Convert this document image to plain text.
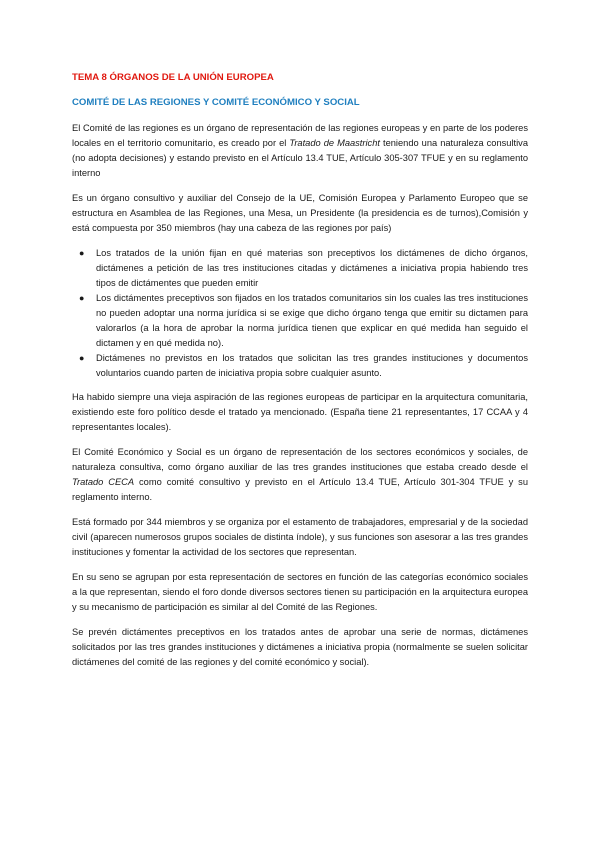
TEMA 8 ÓRGANOS DE LA UNIÓN EUROPEA
COMITÉ DE LAS REGIONES Y COMITÉ ECONÓMICO Y SOCIAL

El Comité de las regiones es un órgano de representación de las regiones europeas y en parte de los poderes locales en el territorio comunitario, es creado por el Tratado de Maastricht teniendo una naturaleza consultiva (no adopta decisiones) y estando previsto en el Artículo 13.4 TUE, Artículo 305-307 TFUE y en su reglamento interno

Es un órgano consultivo y auxiliar del Consejo de la UE, Comisión Europea y Parlamento Europeo que se estructura en Asamblea de las Regiones, una Mesa, un Presidente (la presidencia es de turnos),Comisión y está compuesta por 350 miembros (hay una cabeza de las regiones por país)

● Los tratados de la unión fijan en qué materias son preceptivos los dictámenes de dicho órganos, dictámenes a petición de las tres instituciones citadas y dictámenes a iniciativa propia habiendo tres tipos de dictámentes que pueden emitir
● Los dictámentes preceptivos son fijados en los tratados comunitarios sin los cuales las tres instituciones no pueden adoptar una norma jurídica si se exige que dicho órgano tenga que emitir su dictamen para valorarlos (a la hora de aprobar la norma jurídica tienen que explicar en qué medida han seguido el dictamen y en qué medida no).
● Dictámenes no previstos en los tratados que solicitan las tres grandes instituciones y documentos voluntarios cuando parten de iniciativa propia sobre cualquier asunto.

Ha habido siempre una vieja aspiración de las regiones europeas de participar en la arquitectura comunitaria, existiendo este foro político desde el tratado ya mencionado. (España tiene 21 representantes, 17 CCAA y 4 representantes locales).

El Comité Económico y Social es un órgano de representación de los sectores económicos y sociales, de naturaleza consultiva, como órgano auxiliar de las tres grandes instituciones que estaba creado desde el Tratado CECA como comité consultivo y previsto en el Artículo 13.4 TUE, Artículo 301-304 TFUE y su reglamento interno.

Está formado por 344 miembros y se organiza por el estamento de trabajadores, empresarial y de la sociedad civil (aparecen numerosos grupos sociales de distinta índole), y sus funciones son asesorar a las tres grandes instituciones y fomentar la actividad de los sectores que representan.

En su seno se agrupan por esta representación de sectores en función de las categorías económico sociales a la que representan, siendo el foro donde diversos sectores tienen su participación en la arquitectura europea y su mecanismo de participación es similar al del Comité de las Regiones.

Se prevén dictámentes preceptivos en los tratados antes de aprobar una serie de normas, dictámenes solicitados por las tres grandes instituciones y dictámenes a iniciativa propia (normalmente se suelen solicitar dictámenes del comité de las regiones y del comité económico y social).
